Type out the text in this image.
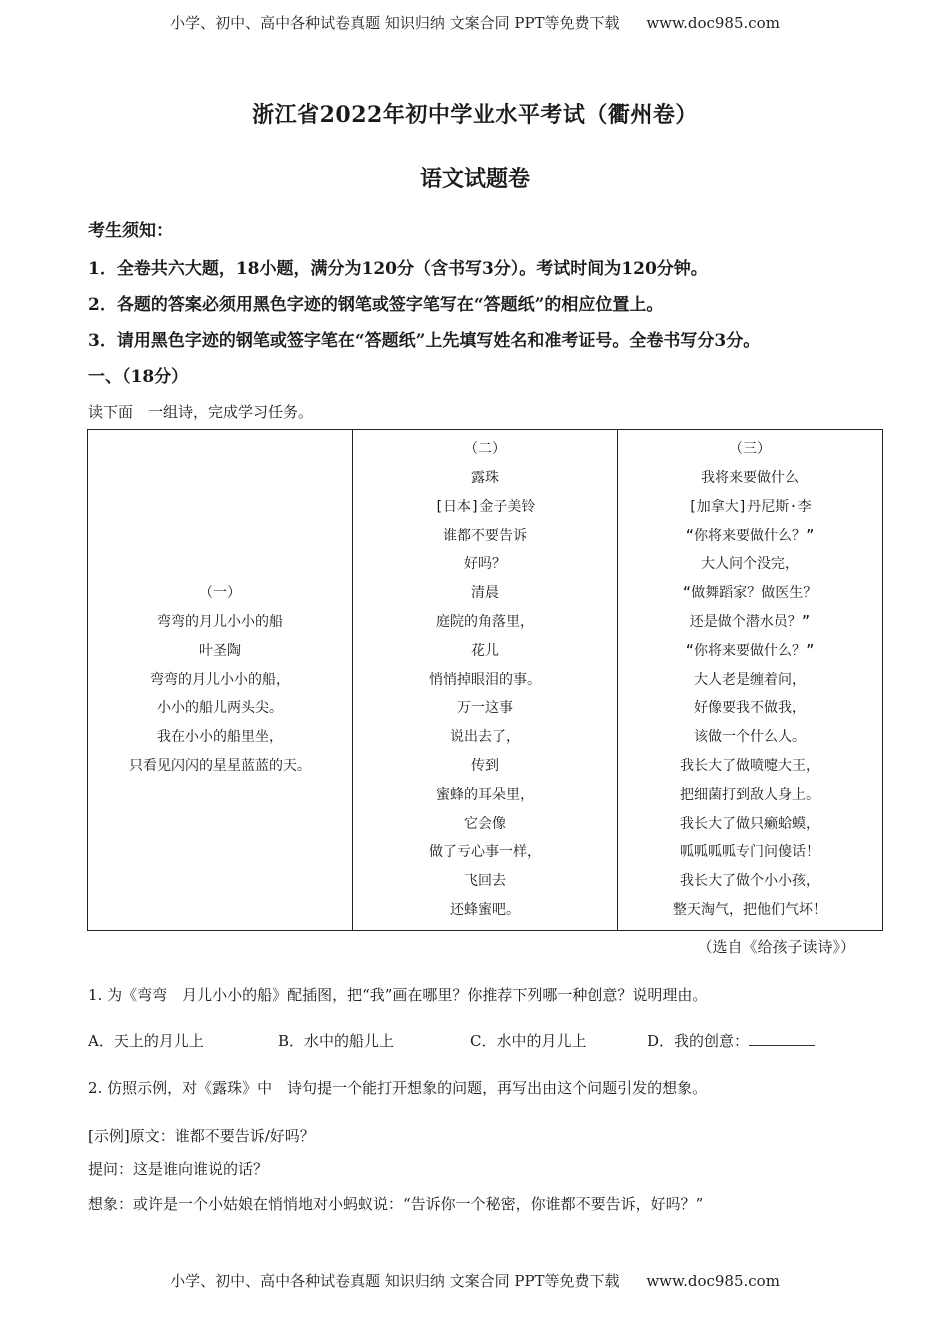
小学、初中、高中各种试卷真题 知识归纳 文案合同 PPT等免费下载 www.doc985.com
浙江省2022年初中学业水平考试（衢州卷）
语文试题卷
考生须知：
1．全卷共六大题，18小题，满分为120分（含书写3分）。考试时间为120分钟。
2．各题的答案必须用黑色字迹的钢笔或签字笔写在“答题纸”的相应位置上。
3．请用黑色字迹的钢笔或签字笔在“答题纸”上先填写姓名和准考证号。全卷书写分3分。
一、（18分）
读下面　一组诗，完成学习任务。
（一）
弯弯的月儿小小的船
叶圣陶
弯弯的月儿小小的船，
小小的船儿两头尖。
我在小小的船里坐，
只看见闪闪的星星蓝蓝的天。

（二）
露珠
[日本]金子美铃
谁都不要告诉
好吗？
清晨
庭院的角落里，
花儿
悄悄掉眼泪的事。
万一这事
说出去了，
传到
蜜蜂的耳朵里，
它会像
做了亏心事一样，
飞回去
还蜂蜜吧。

（三）
我将来要做什么
[加拿大]丹尼斯·李
“你将来要做什么？”
大人问个没完，
“做舞蹈家？做医生？
还是做个潜水员？”
“你将来要做什么？”
大人老是缠着问，
好像要我不做我，
该做一个什么人。
我长大了做喷嚏大王，
把细菌打到敌人身上。
我长大了做只癞蛤蟆，
呱呱呱呱专门问傻话！
我长大了做个小小孩，
整天淘气，把他们气坏！
（选自《给孩子读诗》）
1. 为《弯弯　月儿小小的船》配插图，把“我”画在哪里？你推荐下列哪一种创意？说明理由。
A．天上的月儿上	B．水中的船儿上	C．水中的月儿上	D．我的创意：
2. 仿照示例，对《露珠》中　诗句提一个能打开想象的问题，再写出由这个问题引发的想象。
[示例]原文：谁都不要告诉/好吗？
提问：这是谁向谁说的话？
想象：或许是一个小姑娘在悄悄地对小蚂蚁说：“告诉你一个秘密，你谁都不要告诉，好吗？”
小学、初中、高中各种试卷真题 知识归纳 文案合同 PPT等免费下载 www.doc985.com
